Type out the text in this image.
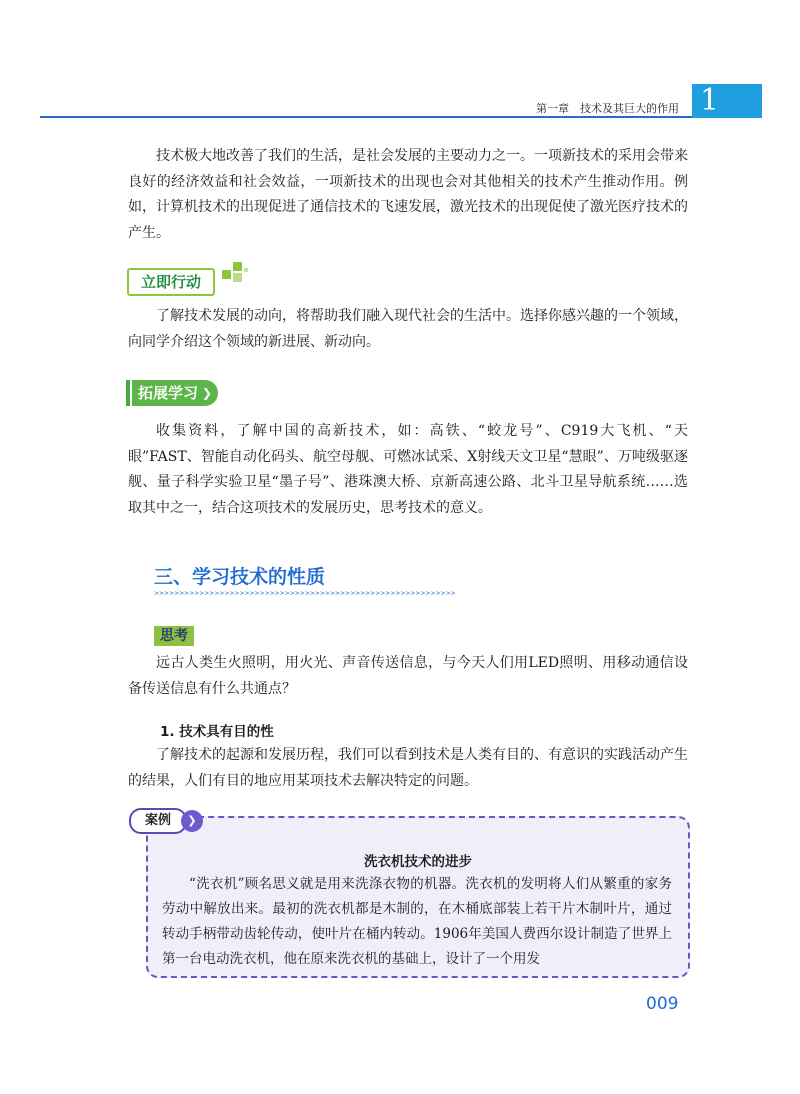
1
第一章　技术及其巨大的作用

技术极大地改善了我们的生活，是社会发展的主要动力之一。一项新技术的采用会带来良好的经济效益和社会效益，一项新技术的出现也会对其他相关的技术产生推动作用。例如，计算机技术的出现促进了通信技术的飞速发展，激光技术的出现促使了激光医疗技术的产生。

立即行动

了解技术发展的动向，将帮助我们融入现代社会的生活中。选择你感兴趣的一个领域，向同学介绍这个领域的新进展、新动向。

拓展学习 ❯

收集资料，了解中国的高新技术，如：高铁、“蛟龙号”、C919大飞机、“天眼”FAST、智能自动化码头、航空母舰、可燃冰试采、X射线天文卫星“慧眼”、万吨级驱逐舰、量子科学实验卫星“墨子号”、港珠澳大桥、京新高速公路、北斗卫星导航系统……选取其中之一，结合这项技术的发展历史，思考技术的意义。

三、学习技术的性质
>>>>>>>>>>>>>>>>>>>>>>>>>>>>>>>>>>>>>>>>>>>>>>>>>>>>>>>>>>>>
思考

远古人类生火照明，用火光、声音传送信息，与今天人们用LED照明、用移动通信设备传送信息有什么共通点？

1. 技术具有目的性

了解技术的起源和发展历程，我们可以看到技术是人类有目的、有意识的实践活动产生的结果，人们有目的地应用某项技术去解决特定的问题。

案例	❯
洗衣机技术的进步

“洗衣机”顾名思义就是用来洗涤衣物的机器。洗衣机的发明将人们从繁重的家务劳动中解放出来。最初的洗衣机都是木制的，在木桶底部装上若干片木制叶片，通过转动手柄带动齿轮传动，使叶片在桶内转动。1906年美国人费西尔设计制造了世界上第一台电动洗衣机，他在原来洗衣机的基础上，设计了一个用发

009
